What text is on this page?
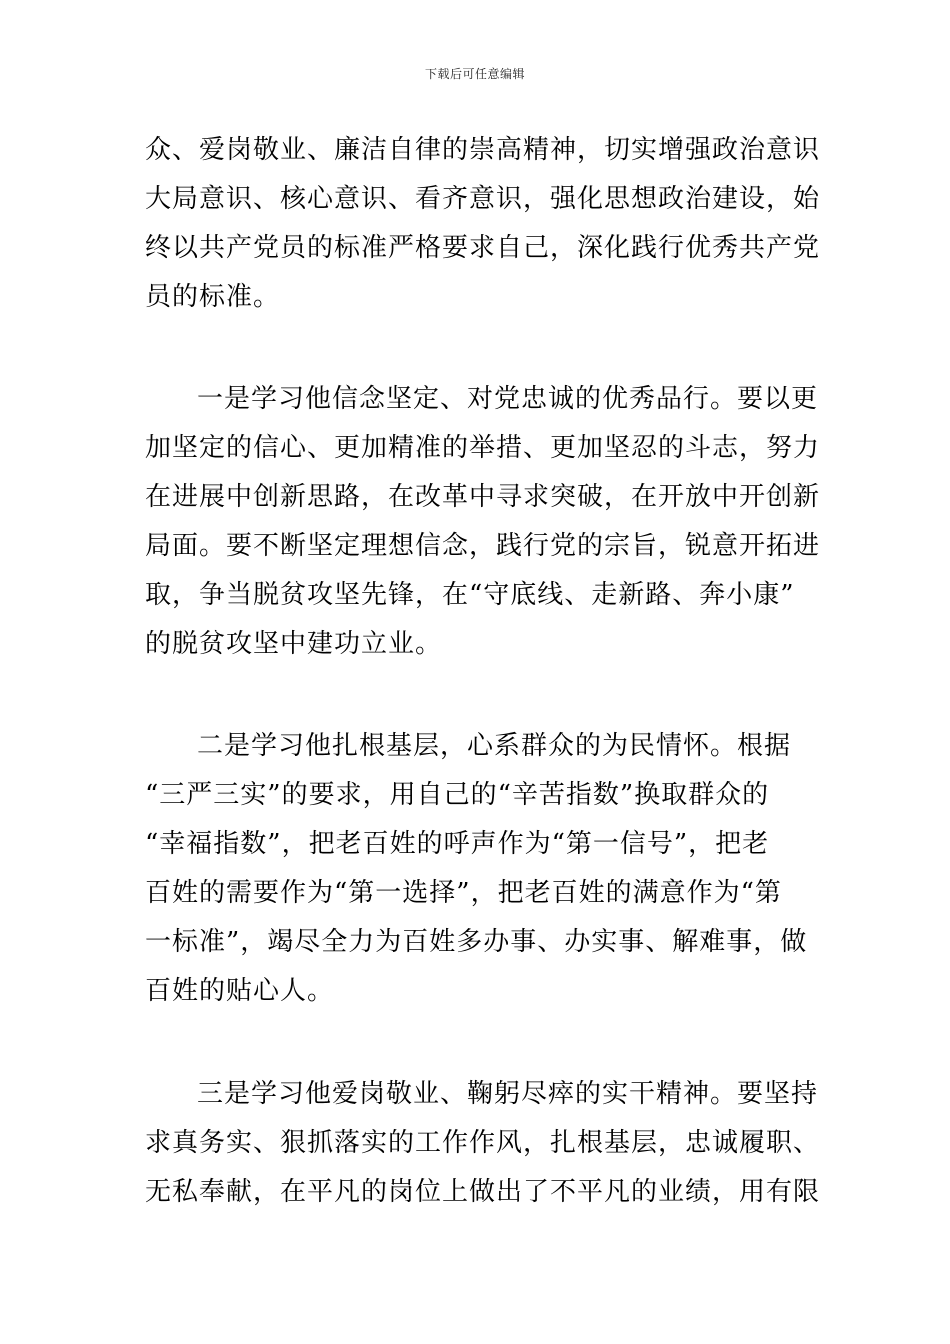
下载后可任意编辑
众、爱岗敬业、廉洁自律的崇高精神，切实增强政治意识
大局意识、核心意识、看齐意识，强化思想政治建设，始
终以共产党员的标准严格要求自己，深化践行优秀共产党
员的标准。
一是学习他信念坚定、对党忠诚的优秀品行。要以更
加坚定的信心、更加精准的举措、更加坚忍的斗志，努力
在进展中创新思路，在改革中寻求突破，在开放中开创新
局面。要不断坚定理想信念，践行党的宗旨，锐意开拓进
取，争当脱贫攻坚先锋，在“守底线、走新路、奔小康”
的脱贫攻坚中建功立业。
二是学习他扎根基层，心系群众的为民情怀。根据
“三严三实”的要求，用自己的“辛苦指数”换取群众的
“幸福指数”，把老百姓的呼声作为“第一信号”，把老
百姓的需要作为“第一选择”，把老百姓的满意作为“第
一标准”，竭尽全力为百姓多办事、办实事、解难事，做
百姓的贴心人。
三是学习他爱岗敬业、鞠躬尽瘁的实干精神。要坚持
求真务实、狠抓落实的工作作风，扎根基层，忠诚履职、
无私奉献，在平凡的岗位上做出了不平凡的业绩，用有限
